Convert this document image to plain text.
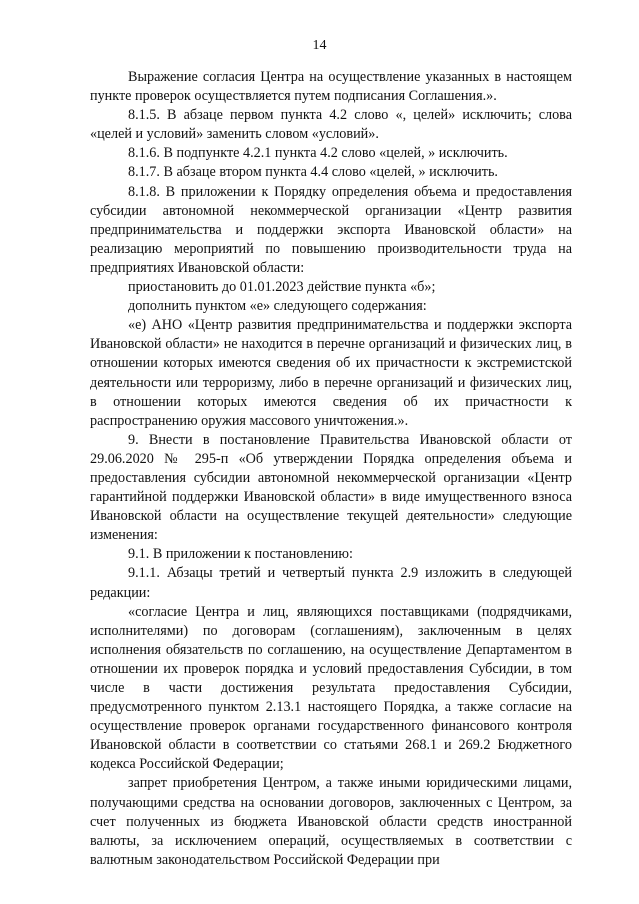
14

Выражение согласия Центра на осуществление указанных в настоящем пункте проверок осуществляется путем подписания Соглашения.».

8.1.5. В абзаце первом пункта 4.2 слово «, целей» исключить; слова «целей и условий» заменить словом «условий».

8.1.6. В подпункте 4.2.1 пункта 4.2 слово «целей, » исключить.

8.1.7. В абзаце втором пункта 4.4 слово «целей, » исключить.

8.1.8. В приложении к Порядку определения объема и предоставления субсидии автономной некоммерческой организации «Центр развития предпринимательства и поддержки экспорта Ивановской области» на реализацию мероприятий по повышению производительности труда на предприятиях Ивановской области:

приостановить до 01.01.2023 действие пункта «б»;

дополнить пунктом «е» следующего содержания:

«е) АНО «Центр развития предпринимательства и поддержки экспорта Ивановской области» не находится в перечне организаций и физических лиц, в отношении которых имеются сведения об их причастности к экстремистской деятельности или терроризму, либо в перечне организаций и физических лиц, в отношении которых имеются сведения об их причастности к распространению оружия массового уничтожения.».

9. Внести в постановление Правительства Ивановской области от 29.06.2020 № 295-п «Об утверждении Порядка определения объема и предоставления субсидии автономной некоммерческой организации «Центр гарантийной поддержки Ивановской области» в виде имущественного взноса Ивановской области на осуществление текущей деятельности» следующие изменения:

9.1. В приложении к постановлению:

9.1.1. Абзацы третий и четвертый пункта 2.9 изложить в следующей редакции:

«согласие Центра и лиц, являющихся поставщиками (подрядчиками, исполнителями) по договорам (соглашениям), заключенным в целях исполнения обязательств по соглашению, на осуществление Департаментом в отношении их проверок порядка и условий предоставления Субсидии, в том числе в части достижения результата предоставления Субсидии, предусмотренного пунктом 2.13.1 настоящего Порядка, а также согласие на осуществление проверок органами государственного финансового контроля Ивановской области в соответствии со статьями 268.1 и 269.2 Бюджетного кодекса Российской Федерации;

запрет приобретения Центром, а также иными юридическими лицами, получающими средства на основании договоров, заключенных с Центром, за счет полученных из бюджета Ивановской области средств иностранной валюты, за исключением операций, осуществляемых в соответствии с валютным законодательством Российской Федерации при
